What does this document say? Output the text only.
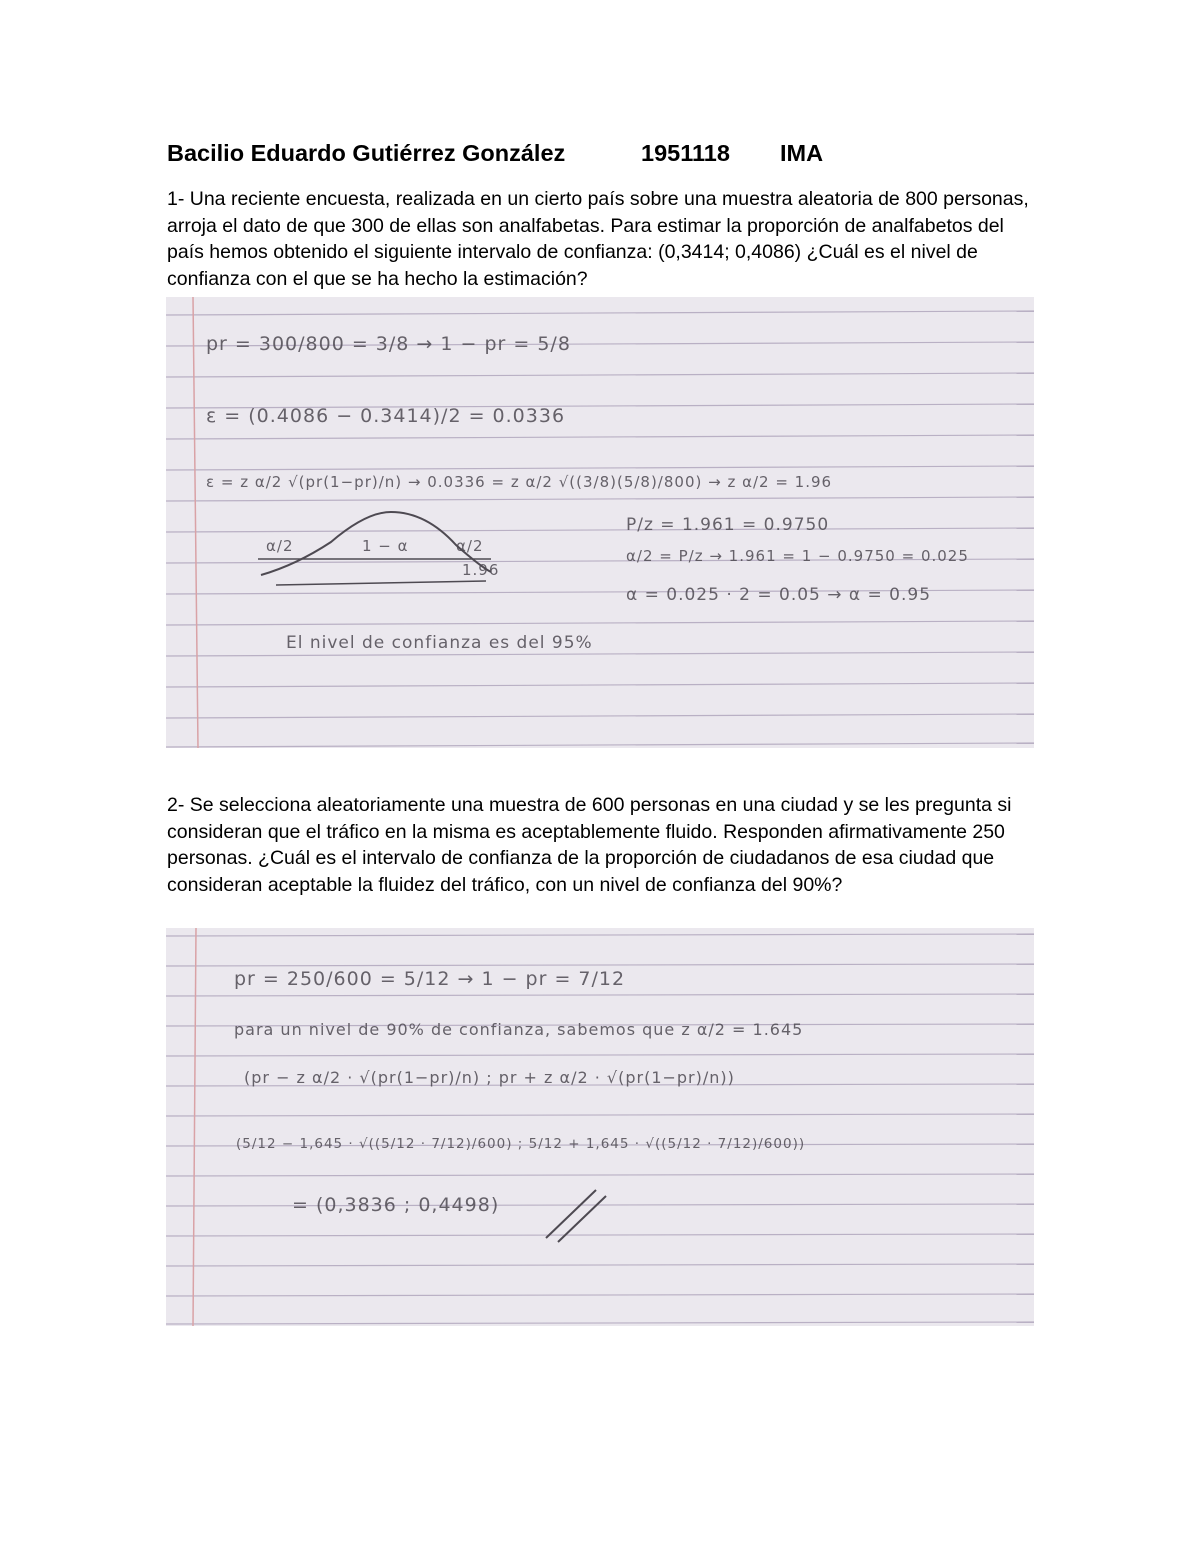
Bacilio Eduardo Gutiérrez González	1951118 IMA

1- Una reciente encuesta, realizada en un cierto país sobre una muestra aleatoria de 800 personas, arroja el dato de que 300 de ellas son analfabetas. Para estimar la proporción de analfabetos del país hemos obtenido el siguiente intervalo de confianza: (0,3414; 0,4086) ¿Cuál es el nivel de confianza con el que se ha hecho la estimación?

pr = 300/800 = 3/8 → 1 − pr = 5/8
ε = (0.4086 − 0.3414)/2 = 0.0336
ε = z α/2 √(pr(1−pr)/n) → 0.0336 = z α/2 √((3/8)(5/8)/800) → z α/2 = 1.96
P/z = 1.961 = 0.9750
α/2 = P/z → 1.961 = 1 − 0.9750 = 0.025
α = 0.025 · 2 = 0.05 → α = 0.95
α/2	1 − α	α/2
1.96
El nivel de confianza es del 95%

2- Se selecciona aleatoriamente una muestra de 600 personas en una ciudad y se les pregunta si consideran que el tráfico en la misma es aceptablemente fluido. Responden afirmativamente 250 personas. ¿Cuál es el intervalo de confianza de la proporción de ciudadanos de esa ciudad que consideran aceptable la fluidez del tráfico, con un nivel de confianza del 90%?

pr = 250/600 = 5/12 → 1 − pr = 7/12
para un nivel de 90% de confianza, sabemos que z α/2 = 1.645
(pr − z α/2 · √(pr(1−pr)/n) ; pr + z α/2 · √(pr(1−pr)/n))
(5/12 − 1,645 · √((5/12 · 7/12)/600) ; 5/12 + 1,645 · √((5/12 · 7/12)/600))
= (0,3836 ; 0,4498)
